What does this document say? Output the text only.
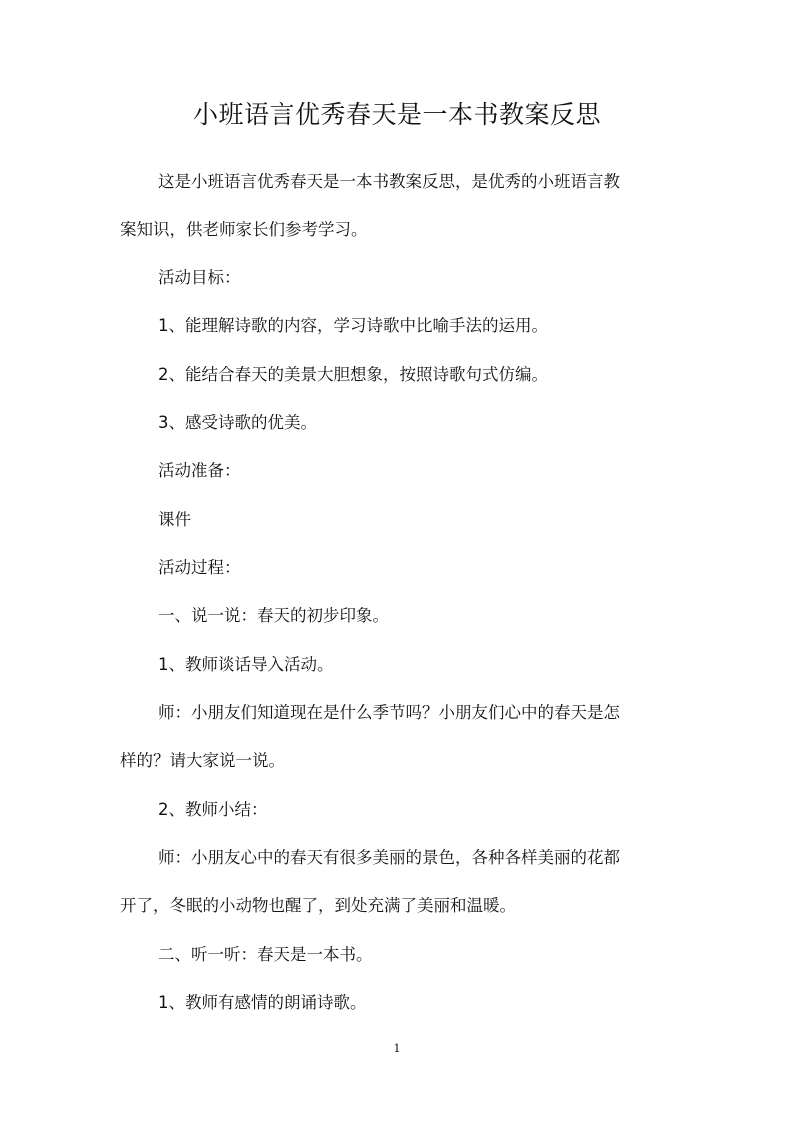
小班语言优秀春天是一本书教案反思
这是小班语言优秀春天是一本书教案反思，是优秀的小班语言教
案知识，供老师家长们参考学习。
活动目标：
1、能理解诗歌的内容，学习诗歌中比喻手法的运用。
2、能结合春天的美景大胆想象，按照诗歌句式仿编。
3、感受诗歌的优美。
活动准备：
课件
活动过程：
一、说一说：春天的初步印象。
1、教师谈话导入活动。
师：小朋友们知道现在是什么季节吗？小朋友们心中的春天是怎
样的？请大家说一说。
2、教师小结：
师：小朋友心中的春天有很多美丽的景色，各种各样美丽的花都
开了，冬眠的小动物也醒了，到处充满了美丽和温暖。
二、听一听：春天是一本书。
1、教师有感情的朗诵诗歌。
1
